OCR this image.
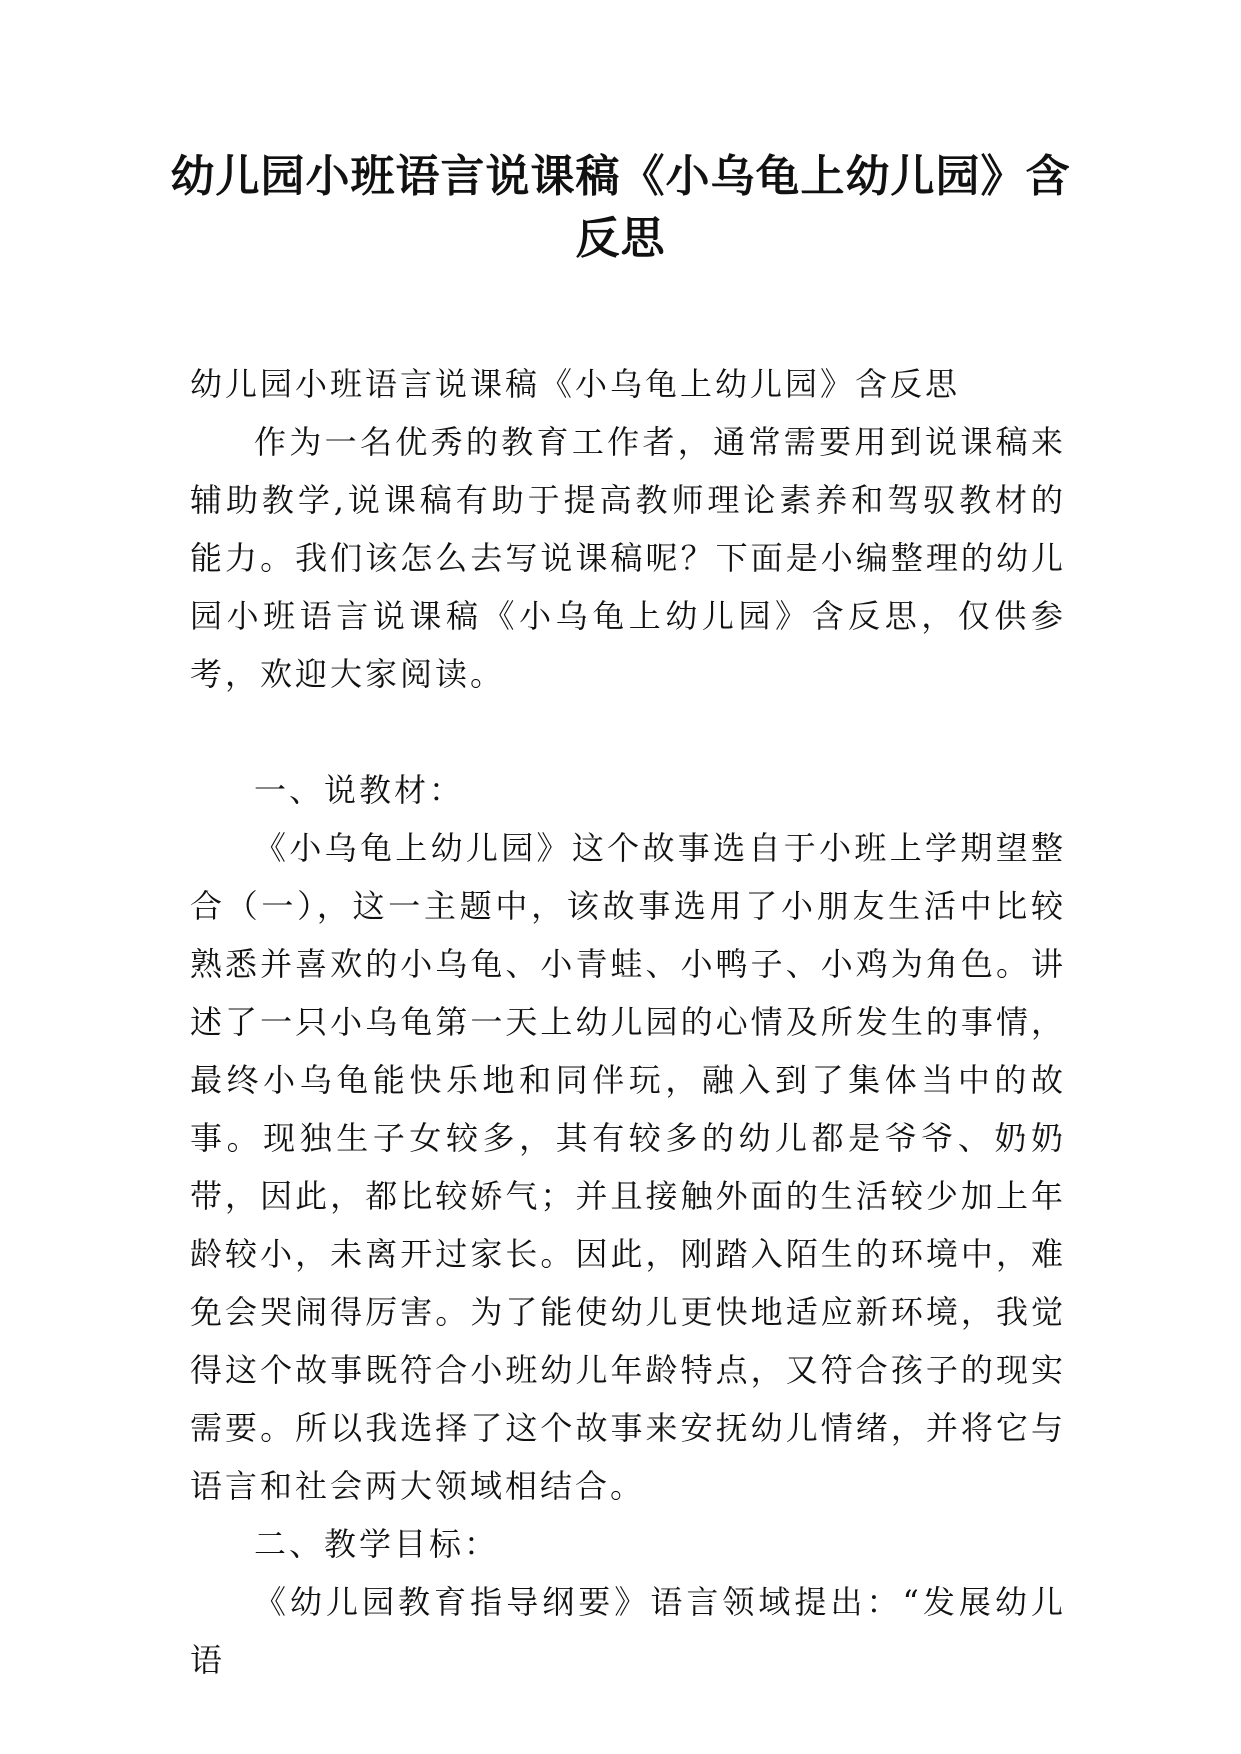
幼儿园小班语言说课稿《小乌龟上幼儿园》含反思

幼儿园小班语言说课稿《小乌龟上幼儿园》含反思

作为一名优秀的教育工作者，通常需要用到说课稿来辅助教学,说课稿有助于提高教师理论素养和驾驭教材的能力。我们该怎么去写说课稿呢？下面是小编整理的幼儿园小班语言说课稿《小乌龟上幼儿园》含反思，仅供参考，欢迎大家阅读。

一、说教材：

《小乌龟上幼儿园》这个故事选自于小班上学期望整合（一），这一主题中，该故事选用了小朋友生活中比较熟悉并喜欢的小乌龟、小青蛙、小鸭子、小鸡为角色。讲述了一只小乌龟第一天上幼儿园的心情及所发生的事情，最终小乌龟能快乐地和同伴玩，融入到了集体当中的故事。现独生子女较多，其有较多的幼儿都是爷爷、奶奶带，因此，都比较娇气；并且接触外面的生活较少加上年龄较小，未离开过家长。因此，刚踏入陌生的环境中，难免会哭闹得厉害。为了能使幼儿更快地适应新环境，我觉得这个故事既符合小班幼儿年龄特点，又符合孩子的现实需要。所以我选择了这个故事来安抚幼儿情绪，并将它与语言和社会两大领域相结合。

二、教学目标：

《幼儿园教育指导纲要》语言领域提出：“发展幼儿语
